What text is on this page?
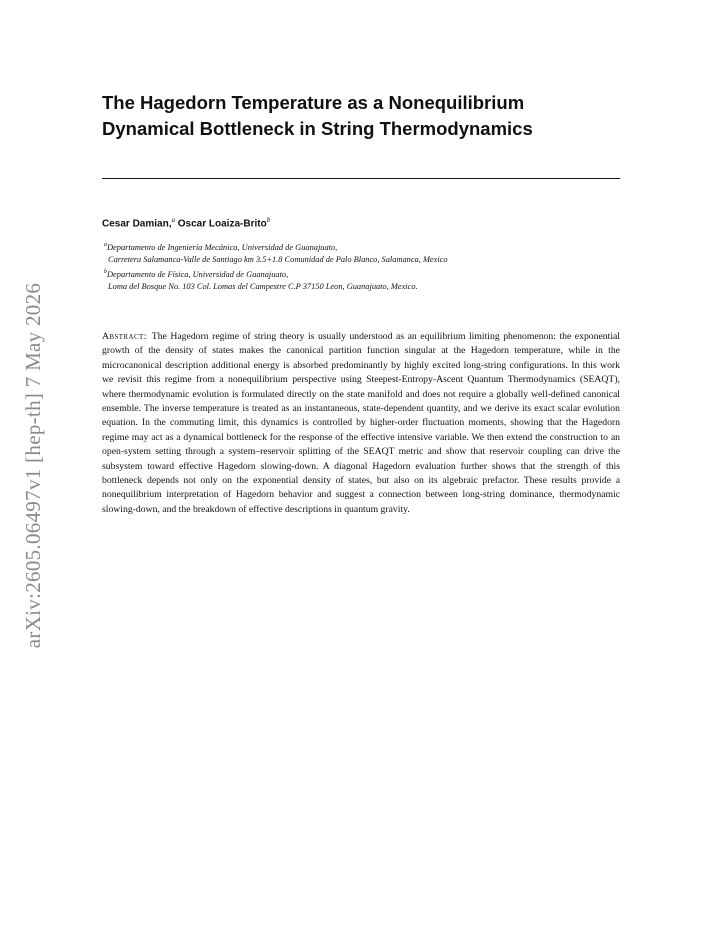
arXiv:2605.06497v1 [hep-th] 7 May 2026
The Hagedorn Temperature as a Nonequilibrium
Dynamical Bottleneck in String Thermodynamics
Cesar Damian,$^a$ Oscar Loaiza-Brito$^b$
$^a$Departamento de Ingeniería Mecánica, Universidad de Guanajuato,
Carretera Salamanca-Valle de Santiago km 3.5+1.8 Comunidad de Palo Blanco, Salamanca, Mexico
$^b$Departamento de Física, Universidad de Guanajuato,
Loma del Bosque No. 103 Col. Lomas del Campestre C.P 37150 Leon, Guanajuato, Mexico.

Abstract: The Hagedorn regime of string theory is usually understood as an equilibrium limiting phenomenon: the exponential growth of the density of states makes the canonical partition function singular at the Hagedorn temperature, while in the microcanonical description additional energy is absorbed predominantly by highly excited long-string configurations. In this work we revisit this regime from a nonequilibrium perspective using Steepest-Entropy-Ascent Quantum Thermodynamics (SEAQT), where thermodynamic evolution is formulated directly on the state manifold and does not require a globally well-defined canonical ensemble. The inverse temperature is treated as an instantaneous, state-dependent quantity, and we derive its exact scalar evolution equation. In the commuting limit, this dynamics is controlled by higher-order fluctuation moments, showing that the Hagedorn regime may act as a dynamical bottleneck for the response of the effective intensive variable. We then extend the construction to an open-system setting through a system–reservoir splitting of the SEAQT metric and show that reservoir coupling can drive the subsystem toward effective Hagedorn slowing-down. A diagonal Hagedorn evaluation further shows that the strength of this bottleneck depends not only on the exponential density of states, but also on its algebraic prefactor. These results provide a nonequilibrium interpretation of Hagedorn behavior and suggest a connection between long-string dominance, thermodynamic slowing-down, and the breakdown of effective descriptions in quantum gravity.
